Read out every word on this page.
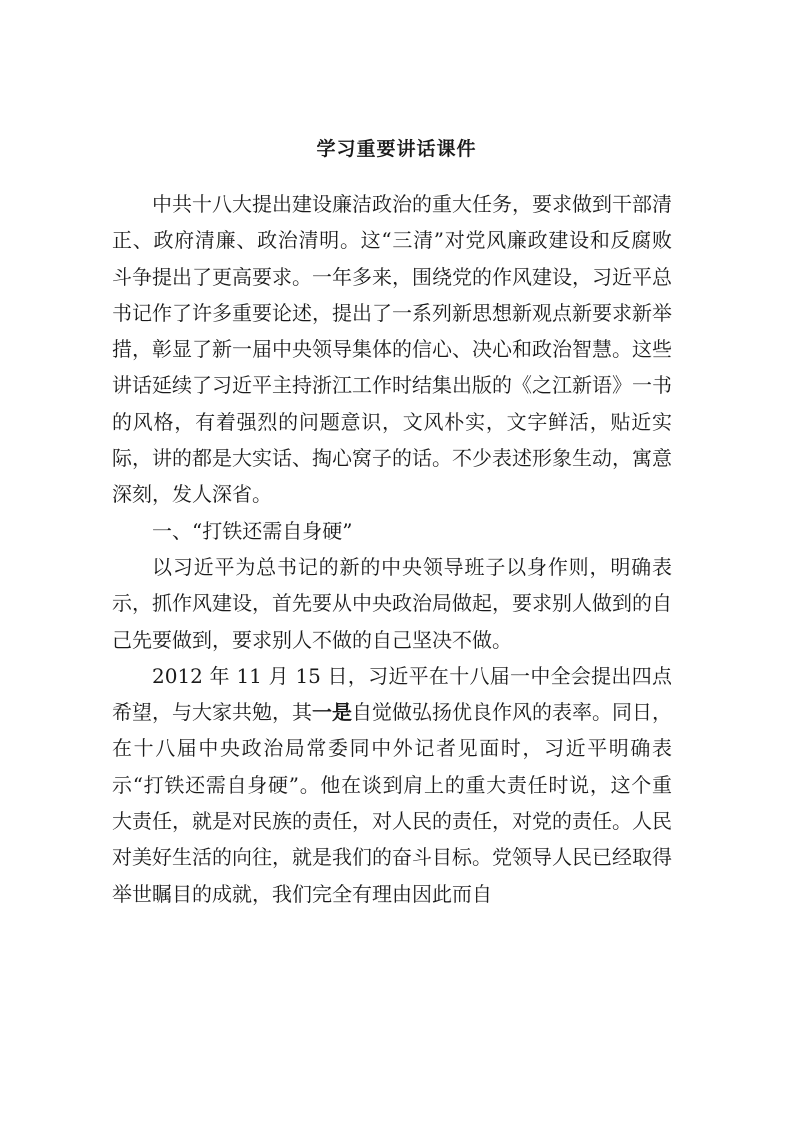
学习重要讲话课件

中共十八大提出建设廉洁政治的重大任务，要求做到干部清正、政府清廉、政治清明。这“三清”对党风廉政建设和反腐败斗争提出了更高要求。一年多来，围绕党的作风建设，习近平总书记作了许多重要论述，提出了一系列新思想新观点新要求新举措，彰显了新一届中央领导集体的信心、决心和政治智慧。这些讲话延续了习近平主持浙江工作时结集出版的《之江新语》一书的风格，有着强烈的问题意识，文风朴实，文字鲜活，贴近实际，讲的都是大实话、掏心窝子的话。不少表述形象生动，寓意深刻，发人深省。

一、“打铁还需自身硬”

以习近平为总书记的新的中央领导班子以身作则，明确表示，抓作风建设，首先要从中央政治局做起，要求别人做到的自己先要做到，要求别人不做的自己坚决不做。

2012 年 11 月 15 日，习近平在十八届一中全会提出四点希望，与大家共勉，其一是自觉做弘扬优良作风的表率。同日，在十八届中央政治局常委同中外记者见面时，习近平明确表示“打铁还需自身硬”。他在谈到肩上的重大责任时说，这个重大责任，就是对民族的责任，对人民的责任，对党的责任。人民对美好生活的向往，就是我们的奋斗目标。党领导人民已经取得举世瞩目的成就，我们完全有理由因此而自
